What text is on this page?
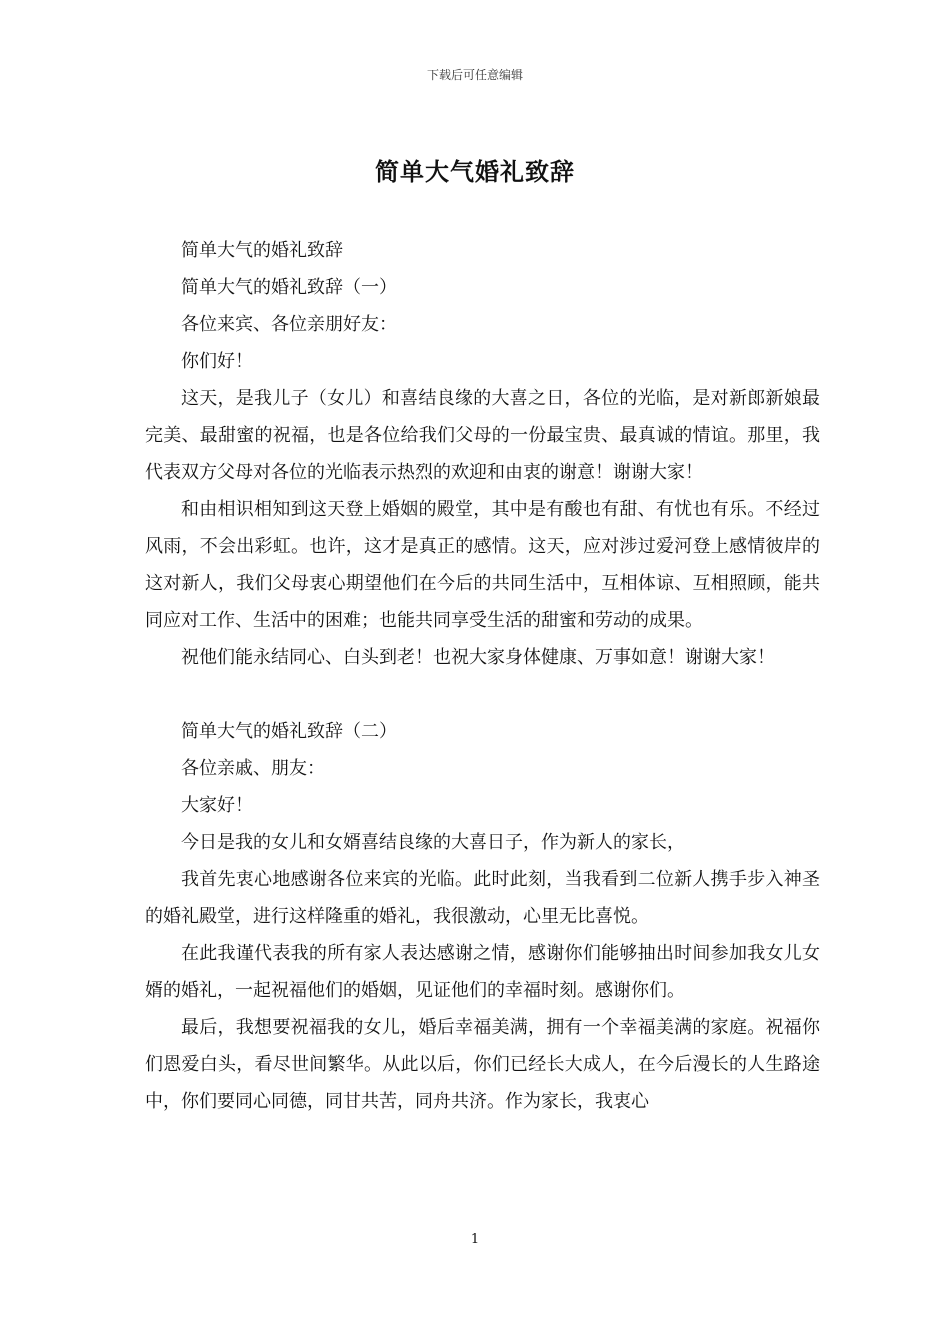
下载后可任意编辑
简单大气婚礼致辞

简单大气的婚礼致辞

简单大气的婚礼致辞（一）

各位来宾、各位亲朋好友：

你们好！

这天，是我儿子（女儿）和喜结良缘的大喜之日，各位的光临，是对新郎新娘最完美、最甜蜜的祝福，也是各位给我们父母的一份最宝贵、最真诚的情谊。那里，我代表双方父母对各位的光临表示热烈的欢迎和由衷的谢意！谢谢大家！

和由相识相知到这天登上婚姻的殿堂，其中是有酸也有甜、有忧也有乐。不经过风雨，不会出彩虹。也许，这才是真正的感情。这天，应对涉过爱河登上感情彼岸的这对新人，我们父母衷心期望他们在今后的共同生活中，互相体谅、互相照顾，能共同应对工作、生活中的困难；也能共同享受生活的甜蜜和劳动的成果。

祝他们能永结同心、白头到老！也祝大家身体健康、万事如意！谢谢大家！

简单大气的婚礼致辞（二）

各位亲戚、朋友：

大家好！

今日是我的女儿和女婿喜结良缘的大喜日子，作为新人的家长，

我首先衷心地感谢各位来宾的光临。此时此刻，当我看到二位新人携手步入神圣的婚礼殿堂，进行这样隆重的婚礼，我很激动，心里无比喜悦。

在此我谨代表我的所有家人表达感谢之情，感谢你们能够抽出时间参加我女儿女婿的婚礼，一起祝福他们的婚姻，见证他们的幸福时刻。感谢你们。

最后，我想要祝福我的女儿，婚后幸福美满，拥有一个幸福美满的家庭。祝福你们恩爱白头，看尽世间繁华。从此以后，你们已经长大成人，在今后漫长的人生路途中，你们要同心同德，同甘共苦，同舟共济。作为家长，我衷心

1
